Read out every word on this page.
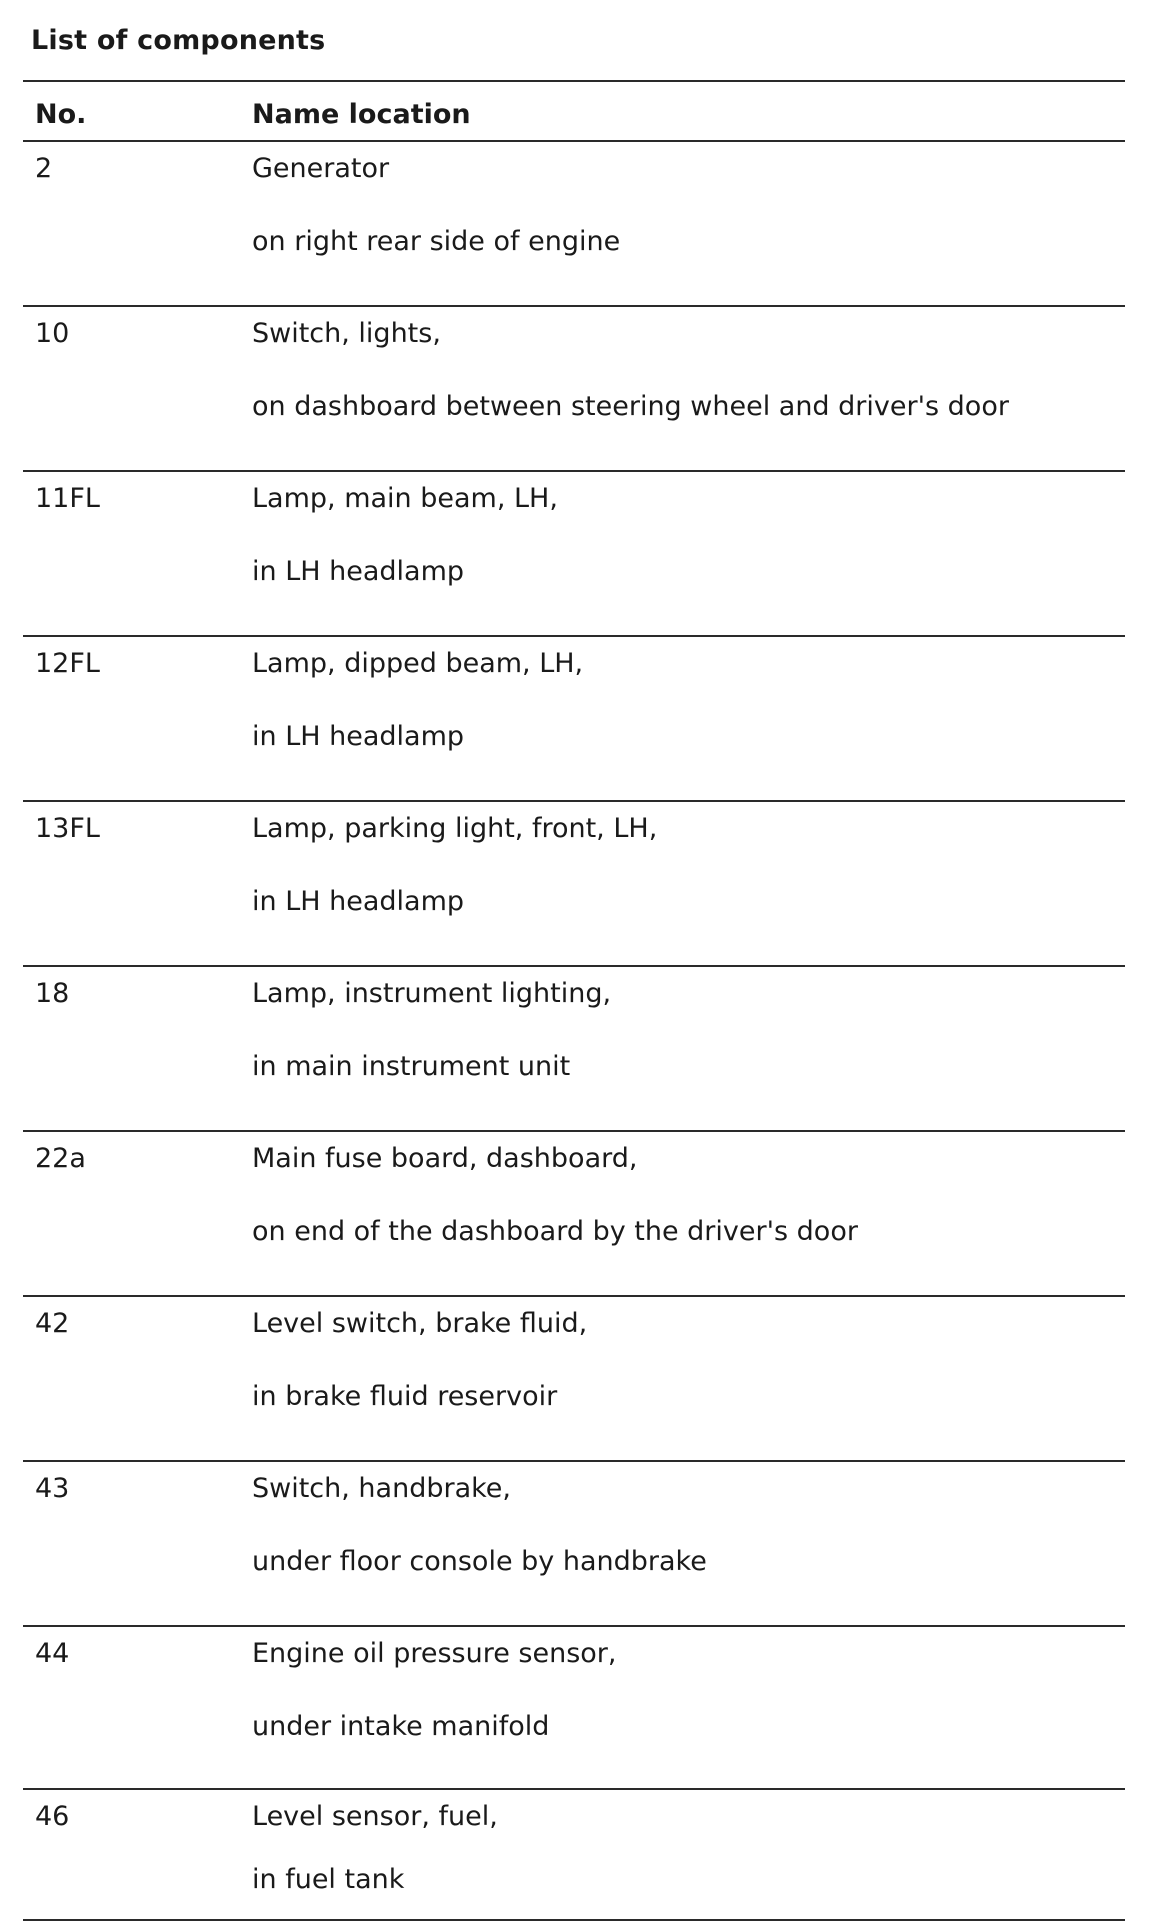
List of components
No.	Name location
2	Generator
on right rear side of engine
10	Switch, lights,
on dashboard between steering wheel and driver's door
11FL	Lamp, main beam, LH,
in LH headlamp
12FL	Lamp, dipped beam, LH,
in LH headlamp
13FL	Lamp, parking light, front, LH,
in LH headlamp
18	Lamp, instrument lighting,
in main instrument unit
22a	Main fuse board, dashboard,
on end of the dashboard by the driver's door
42	Level switch, brake fluid,
in brake fluid reservoir
43	Switch, handbrake,
under floor console by handbrake
44	Engine oil pressure sensor,
under intake manifold
46	Level sensor, fuel,
in fuel tank
